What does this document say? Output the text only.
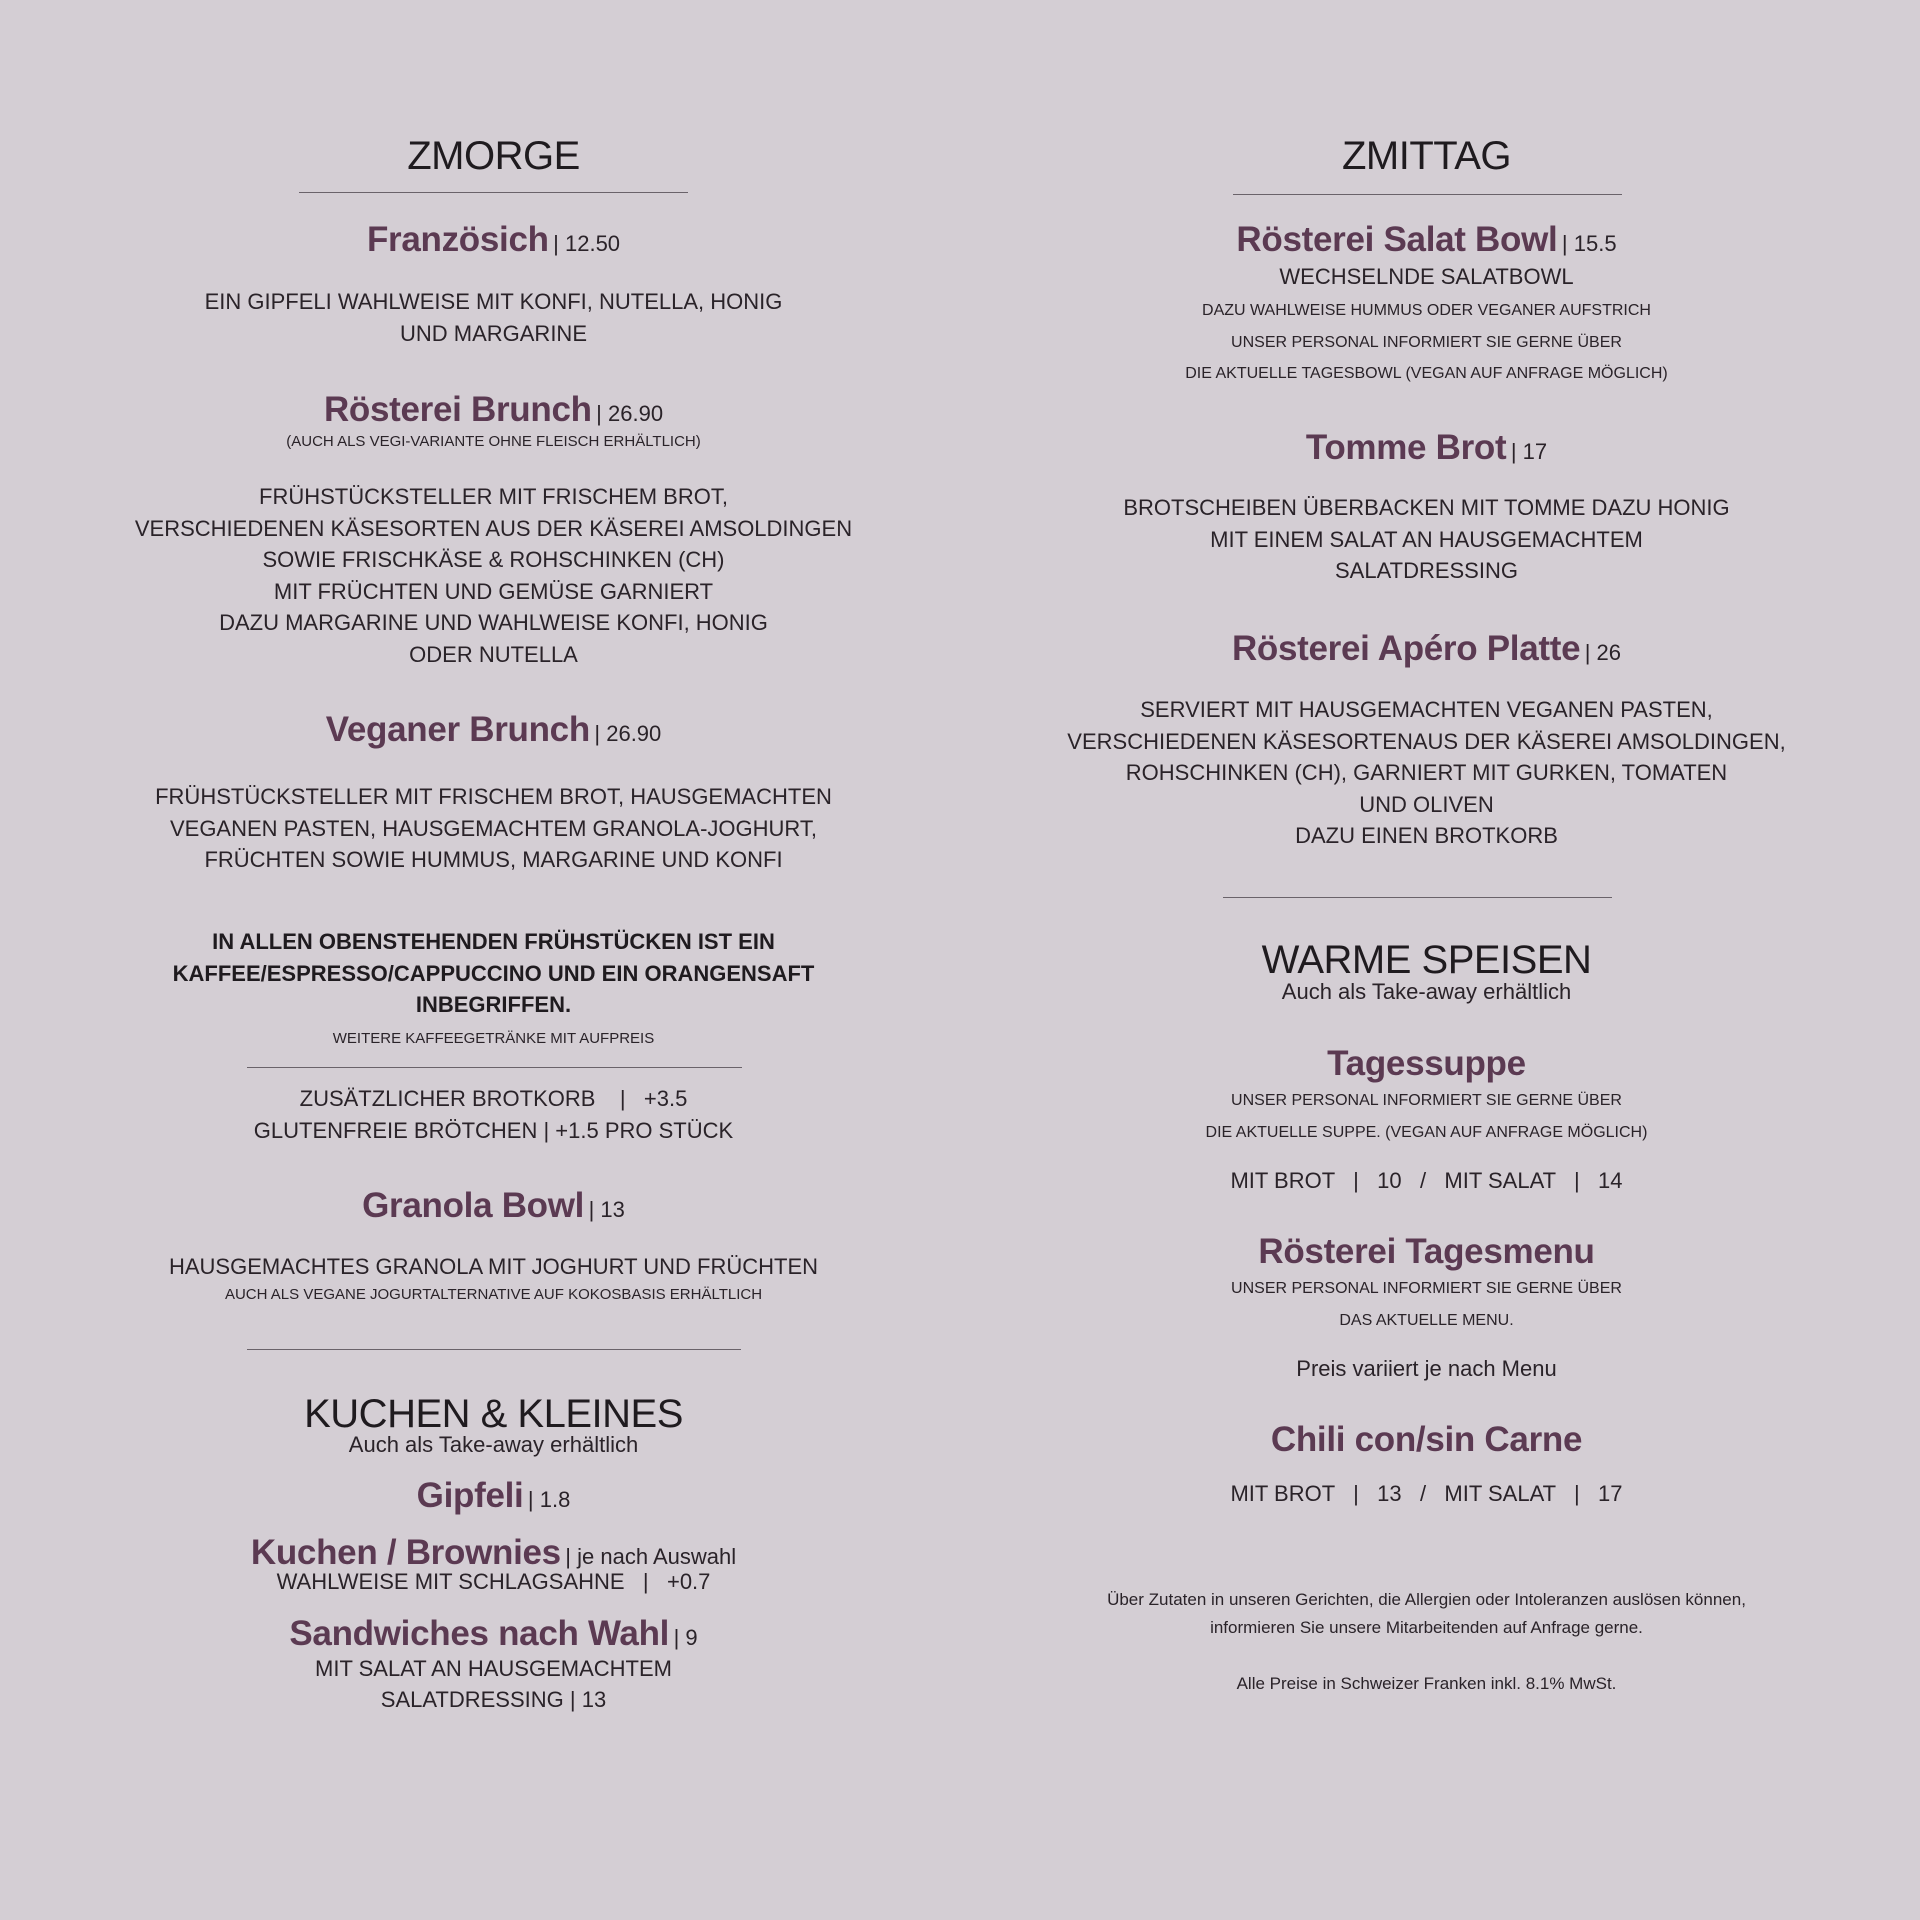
ZMORGE
Französich | 12.50
EIN GIPFELI WAHLWEISE MIT KONFI, NUTELLA, HONIG
UND MARGARINE
Rösterei Brunch | 26.90
(AUCH ALS VEGI-VARIANTE OHNE FLEISCH ERHÄLTLICH)
FRÜHSTÜCKSTELLER MIT FRISCHEM BROT,
VERSCHIEDENEN KÄSESORTEN AUS DER KÄSEREI AMSOLDINGEN
SOWIE FRISCHKÄSE & ROHSCHINKEN (CH)
MIT FRÜCHTEN UND GEMÜSE GARNIERT
DAZU MARGARINE UND WAHLWEISE KONFI, HONIG
ODER NUTELLA
Veganer Brunch | 26.90
FRÜHSTÜCKSTELLER MIT FRISCHEM BROT, HAUSGEMACHTEN
VEGANEN PASTEN, HAUSGEMACHTEM GRANOLA-JOGHURT,
FRÜCHTEN SOWIE HUMMUS, MARGARINE UND KONFI
IN ALLEN OBENSTEHENDEN FRÜHSTÜCKEN IST EIN
KAFFEE/ESPRESSO/CAPPUCCINO UND EIN ORANGENSAFT
INBEGRIFFEN.
WEITERE KAFFEEGETRÄNKE MIT AUFPREIS
ZUSÄTZLICHER BROTKORB    |   +3.5
GLUTENFREIE BRÖTCHEN | +1.5 PRO STÜCK
Granola Bowl | 13
HAUSGEMACHTES GRANOLA MIT JOGHURT UND FRÜCHTEN
AUCH ALS VEGANE JOGURTALTERNATIVE AUF KOKOSBASIS ERHÄLTLICH
KUCHEN & KLEINES
Auch als Take-away erhältlich
Gipfeli | 1.8
Kuchen / Brownies | je nach Auswahl
WAHLWEISE MIT SCHLAGSAHNE   |   +0.7
Sandwiches nach Wahl | 9
MIT SALAT AN HAUSGEMACHTEM
SALATDRESSING | 13
ZMITTAG
Rösterei Salat Bowl | 15.5
WECHSELNDE SALATBOWL
DAZU WAHLWEISE HUMMUS ODER VEGANER AUFSTRICH
UNSER PERSONAL INFORMIERT SIE GERNE ÜBER
DIE AKTUELLE TAGESBOWL (VEGAN AUF ANFRAGE MÖGLICH)
Tomme Brot | 17
BROTSCHEIBEN ÜBERBACKEN MIT TOMME DAZU HONIG
MIT EINEM SALAT AN HAUSGEMACHTEM
SALATDRESSING
Rösterei Apéro Platte | 26
SERVIERT MIT HAUSGEMACHTEN VEGANEN PASTEN,
VERSCHIEDENEN KÄSESORTENAUS DER KÄSEREI AMSOLDINGEN,
ROHSCHINKEN (CH), GARNIERT MIT GURKEN, TOMATEN
UND OLIVEN
DAZU EINEN BROTKORB
WARME SPEISEN
Auch als Take-away erhältlich
Tagessuppe
UNSER PERSONAL INFORMIERT SIE GERNE ÜBER
DIE AKTUELLE SUPPE. (VEGAN AUF ANFRAGE MÖGLICH)
MIT BROT   |   10   /   MIT SALAT   |   14
Rösterei Tagesmenu
UNSER PERSONAL INFORMIERT SIE GERNE ÜBER
DAS AKTUELLE MENU.
Preis variiert je nach Menu
Chili con/sin Carne
MIT BROT   |   13   /   MIT SALAT   |   17
Über Zutaten in unseren Gerichten, die Allergien oder Intoleranzen auslösen können,
informieren Sie unsere Mitarbeitenden auf Anfrage gerne.
Alle Preise in Schweizer Franken inkl. 8.1% MwSt.
